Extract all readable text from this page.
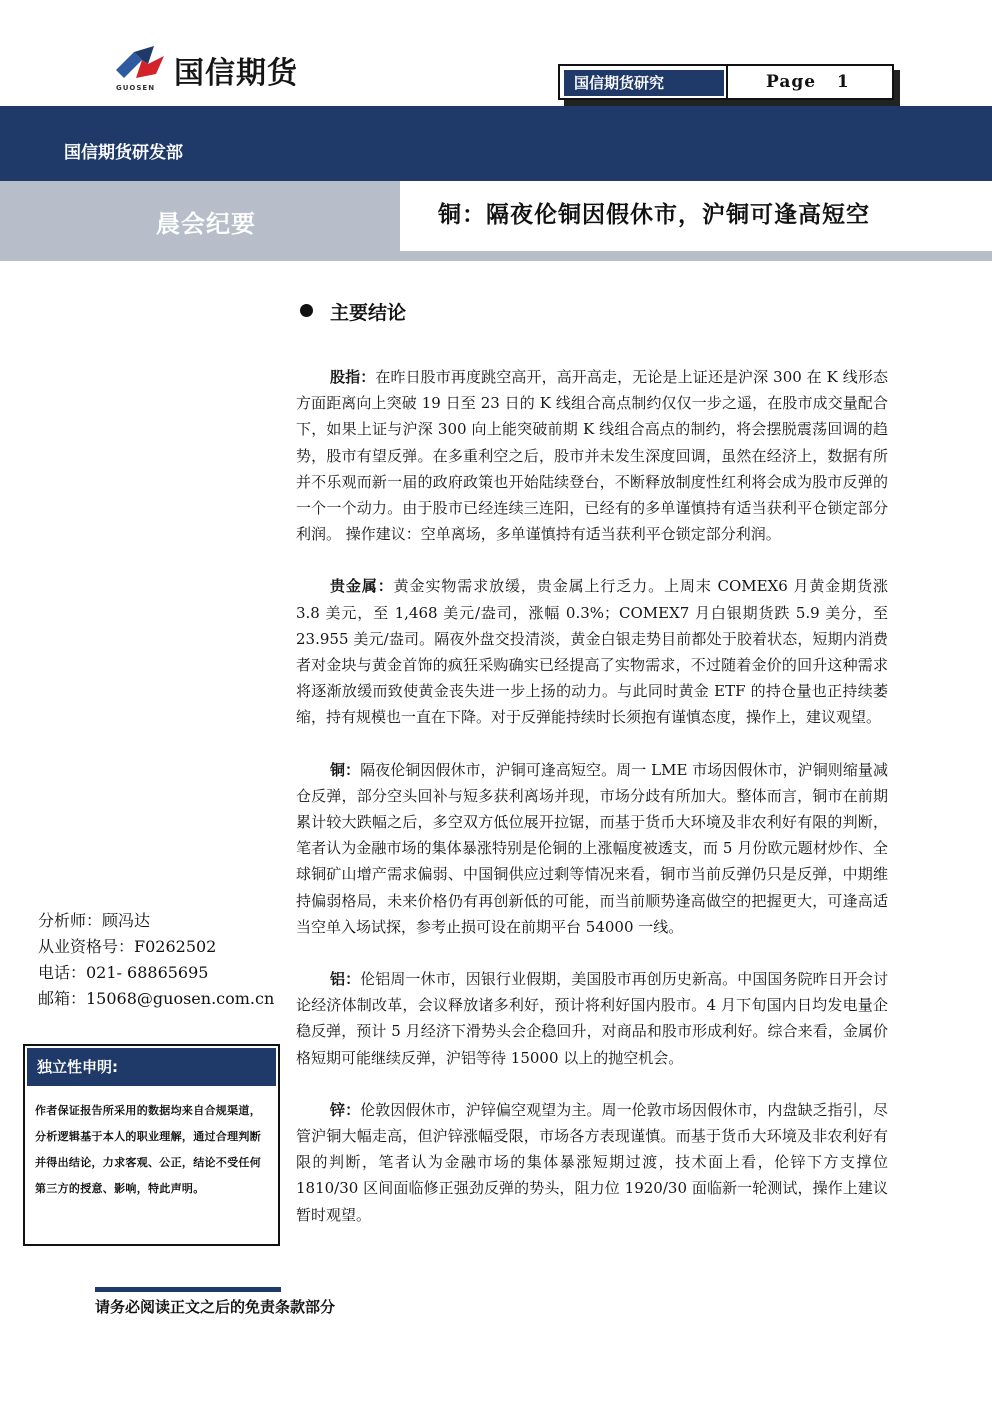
国信期货
GUOSEN	国信期货研究	Page 1
国信期货研发部
晨会纪要	铜：隔夜伦铜因假休市，沪铜可逢高短空
2013 年 05 月 07 日
主要结论

股指：在昨日股市再度跳空高开，高开高走，无论是上证还是沪深 300 在 K 线形态方面距离向上突破 19 日至 23 日的 K 线组合高点制约仅仅一步之遥，在股市成交量配合下，如果上证与沪深 300 向上能突破前期 K 线组合高点的制约，将会摆脱震荡回调的趋势，股市有望反弹。在多重利空之后，股市并未发生深度回调，虽然在经济上，数据有所并不乐观而新一届的政府政策也开始陆续登台，不断释放制度性红利将会成为股市反弹的一个一个动力。由于股市已经连续三连阳，已经有的多单谨慎持有适当获利平仓锁定部分利润。 操作建议：空单离场，多单谨慎持有适当获利平仓锁定部分利润。

贵金属：黄金实物需求放缓，贵金属上行乏力。上周末 COMEX6 月黄金期货涨 3.8 美元，至 1,468 美元/盎司，涨幅 0.3%；COMEX7 月白银期货跌 5.9 美分，至 23.955 美元/盎司。隔夜外盘交投清淡，黄金白银走势目前都处于胶着状态，短期内消费者对金块与黄金首饰的疯狂采购确实已经提高了实物需求，不过随着金价的回升这种需求将逐渐放缓而致使黄金丧失进一步上扬的动力。与此同时黄金 ETF 的持仓量也正持续萎缩，持有规模也一直在下降。对于反弹能持续时长须抱有谨慎态度，操作上，建议观望。

铜：隔夜伦铜因假休市，沪铜可逢高短空。周一 LME 市场因假休市，沪铜则缩量减仓反弹，部分空头回补与短多获利离场并现，市场分歧有所加大。整体而言，铜市在前期累计较大跌幅之后，多空双方低位展开拉锯，而基于货币大环境及非农利好有限的判断，笔者认为金融市场的集体暴涨特别是伦铜的上涨幅度被透支，而 5 月份欧元题材炒作、全球铜矿山增产需求偏弱、中国铜供应过剩等情况来看，铜市当前反弹仍只是反弹，中期维持偏弱格局，未来价格仍有再创新低的可能，而当前顺势逢高做空的把握更大，可逢高适当空单入场试探，参考止损可设在前期平台 54000 一线。

铝：伦铝周一休市，因银行业假期，美国股市再创历史新高。中国国务院昨日开会讨论经济体制改革，会议释放诸多利好，预计将利好国内股市。4 月下旬国内日均发电量企稳反弹，预计 5 月经济下滑势头会企稳回升，对商品和股市形成利好。综合来看，金属价格短期可能继续反弹，沪铝等待 15000 以上的抛空机会。

锌：伦敦因假休市，沪锌偏空观望为主。周一伦敦市场因假休市，内盘缺乏指引，尽管沪铜大幅走高，但沪锌涨幅受限，市场各方表现谨慎。而基于货币大环境及非农利好有限的判断，笔者认为金融市场的集体暴涨短期过渡，技术面上看，伦锌下方支撑位 1810/30 区间面临修正强劲反弹的势头，阻力位 1920/30 面临新一轮测试，操作上建议暂时观望。

分析师：顾冯达
从业资格号：F0262502
电话：021- 68865695
邮箱：15068@guosen.com.cn
独立性申明:
作者保证报告所采用的数据均来自合规渠道，分析逻辑基于本人的职业理解，通过合理判断 并得出结论，力求客观、公正，结论不受任何第三方的授意、影响，特此声明。
请务必阅读正文之后的免责条款部分
